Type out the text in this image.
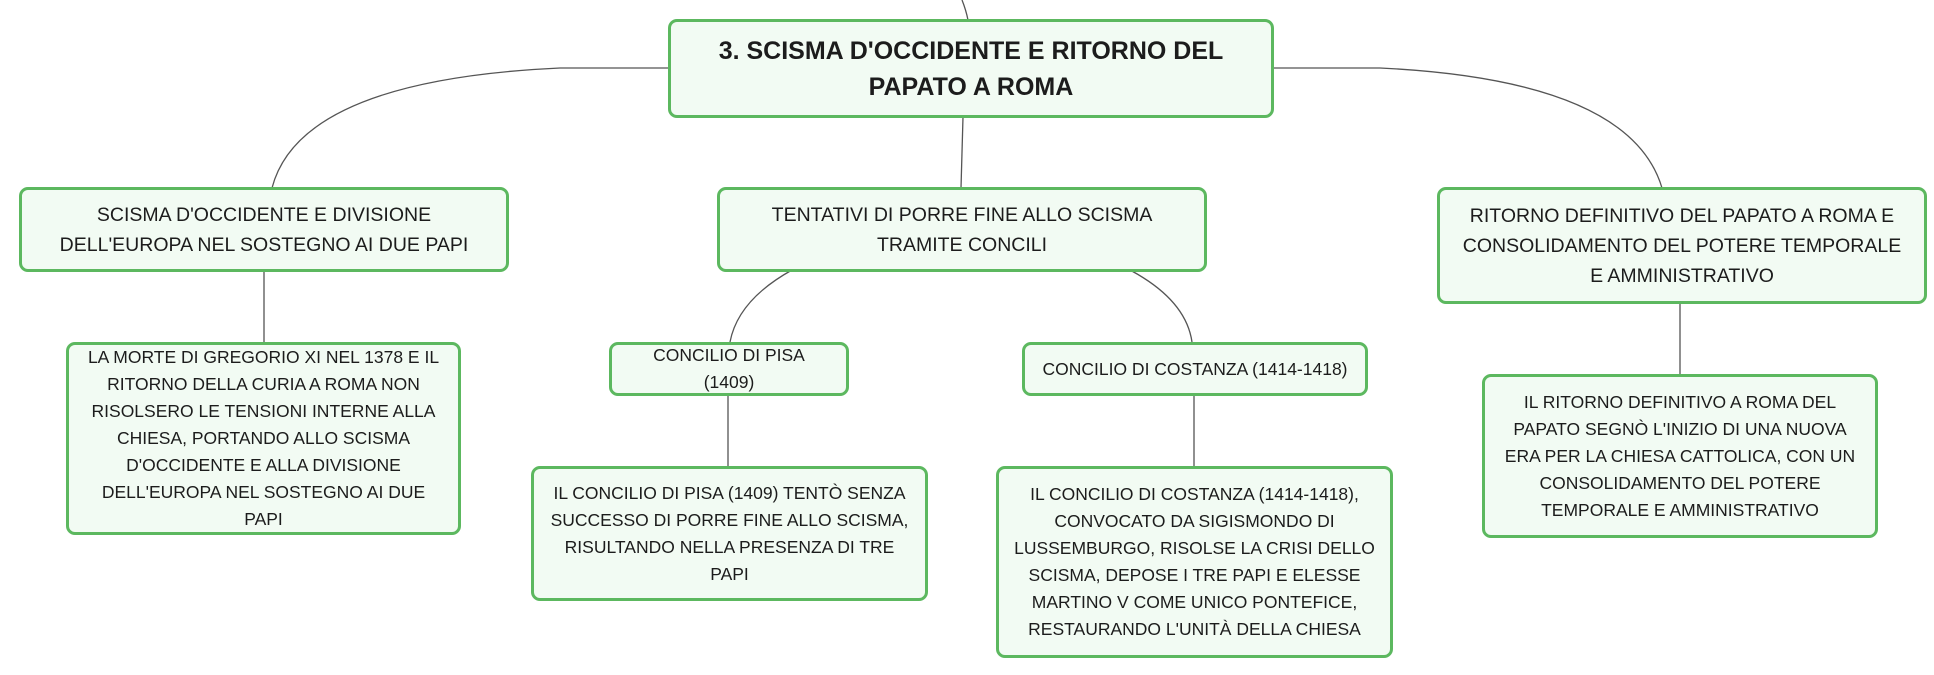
3. SCISMA D'OCCIDENTE E RITORNO DEL PAPATO A ROMA
SCISMA D'OCCIDENTE E DIVISIONE DELL'EUROPA NEL SOSTEGNO AI DUE PAPI
TENTATIVI DI PORRE FINE ALLO SCISMA TRAMITE CONCILI
RITORNO DEFINITIVO DEL PAPATO A ROMA E CONSOLIDAMENTO DEL POTERE TEMPORALE E AMMINISTRATIVO
LA MORTE DI GREGORIO XI NEL 1378 E IL RITORNO DELLA CURIA A ROMA NON RISOLSERO LE TENSIONI INTERNE ALLA CHIESA, PORTANDO ALLO SCISMA D'OCCIDENTE E ALLA DIVISIONE DELL'EUROPA NEL SOSTEGNO AI DUE PAPI
CONCILIO DI PISA (1409)
CONCILIO DI COSTANZA (1414-1418)
IL CONCILIO DI PISA (1409) TENTÒ SENZA SUCCESSO DI PORRE FINE ALLO SCISMA, RISULTANDO NELLA PRESENZA DI TRE PAPI
IL CONCILIO DI COSTANZA (1414-1418), CONVOCATO DA SIGISMONDO DI LUSSEMBURGO, RISOLSE LA CRISI DELLO SCISMA, DEPOSE I TRE PAPI E ELESSE MARTINO V COME UNICO PONTEFICE, RESTAURANDO L'UNITÀ DELLA CHIESA
IL RITORNO DEFINITIVO A ROMA DEL PAPATO SEGNÒ L'INIZIO DI UNA NUOVA ERA PER LA CHIESA CATTOLICA, CON UN CONSOLIDAMENTO DEL POTERE TEMPORALE E AMMINISTRATIVO
